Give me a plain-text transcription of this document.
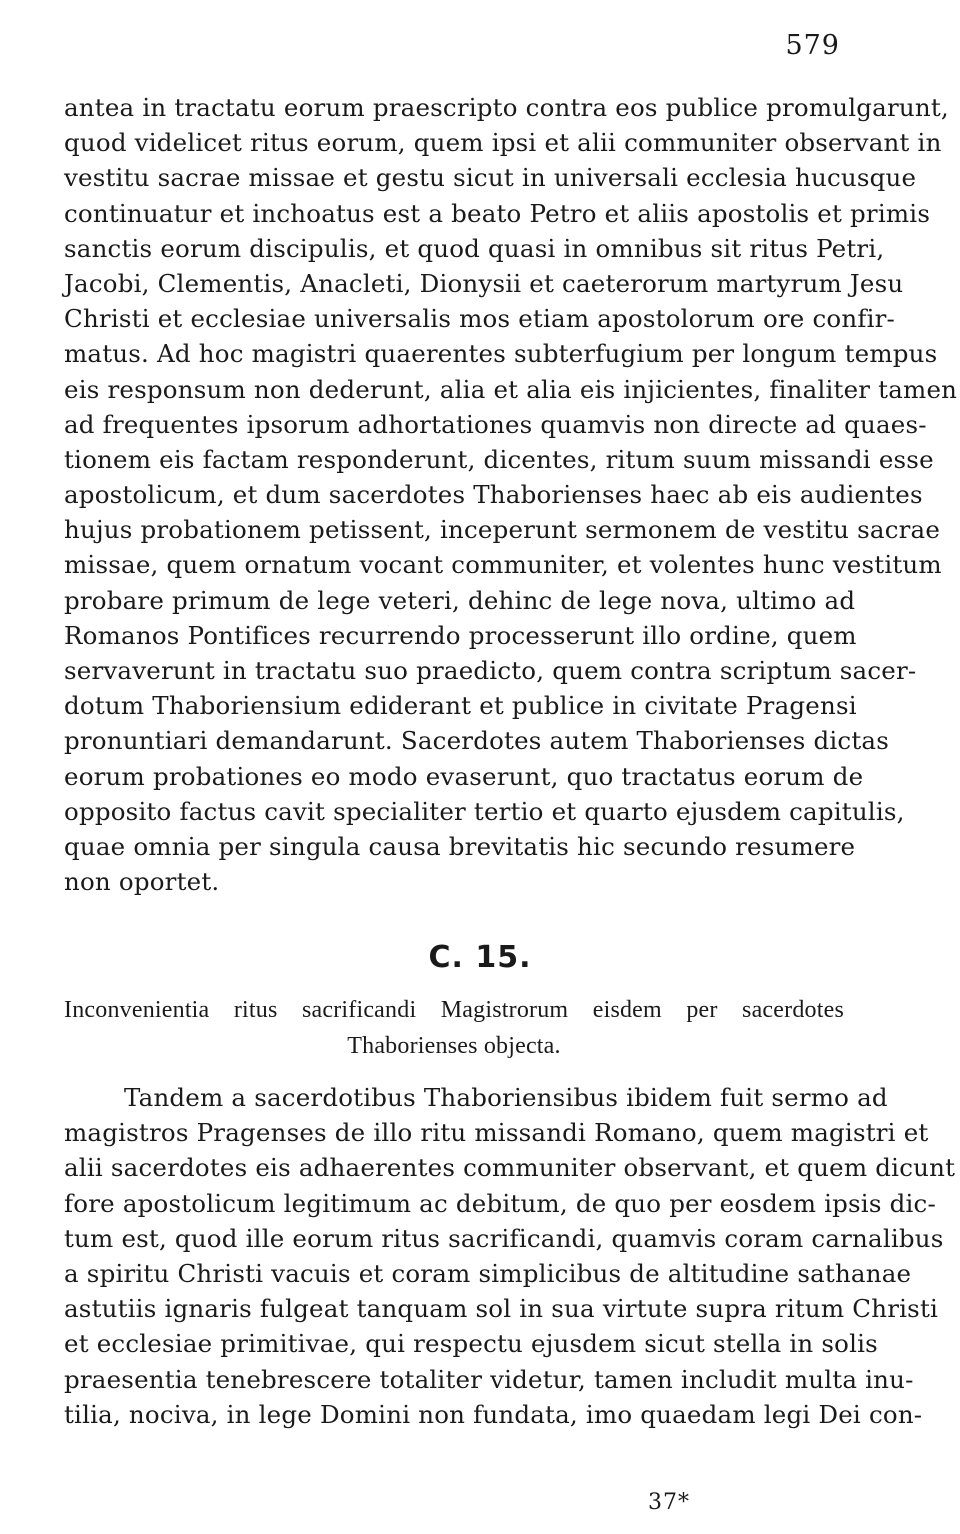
579
antea in tractatu eorum praescripto contra eos publice promulgarunt,
quod videlicet ritus eorum, quem ipsi et alii communiter observant in
vestitu sacrae missae et gestu sicut in universali ecclesia hucusque
continuatur et inchoatus est a beato Petro et aliis apostolis et primis
sanctis eorum discipulis, et quod quasi in omnibus sit ritus Petri,
Jacobi, Clementis, Anacleti, Dionysii et caeterorum martyrum Jesu
Christi et ecclesiae universalis mos etiam apostolorum ore confir-
matus. Ad hoc magistri quaerentes subterfugium per longum tempus
eis responsum non dederunt, alia et alia eis injicientes, finaliter tamen
ad frequentes ipsorum adhortationes quamvis non directe ad quaes-
tionem eis factam responderunt, dicentes, ritum suum missandi esse
apostolicum, et dum sacerdotes Thaborienses haec ab eis audientes
hujus probationem petissent, inceperunt sermonem de vestitu sacrae
missae, quem ornatum vocant communiter, et volentes hunc vestitum
probare primum de lege veteri, dehinc de lege nova, ultimo ad
Romanos Pontifices recurrendo processerunt illo ordine, quem
servaverunt in tractatu suo praedicto, quem contra scriptum sacer-
dotum Thaboriensium ediderant et publice in civitate Pragensi
pronuntiari demandarunt. Sacerdotes autem Thaborienses dictas
eorum probationes eo modo evaserunt, quo tractatus eorum de
opposito factus cavit specialiter tertio et quarto ejusdem capitulis,
quae omnia per singula causa brevitatis hic secundo resumere
non oportet.
C. 15.
Inconvenientia ritus sacrificandi Magistrorum eisdem per sacerdotes
Thaborienses objecta.
Tandem a sacerdotibus Thaboriensibus ibidem fuit sermo ad
magistros Pragenses de illo ritu missandi Romano, quem magistri et
alii sacerdotes eis adhaerentes communiter observant, et quem dicunt
fore apostolicum legitimum ac debitum, de quo per eosdem ipsis dic-
tum est, quod ille eorum ritus sacrificandi, quamvis coram carnalibus
a spiritu Christi vacuis et coram simplicibus de altitudine sathanae
astutiis ignaris fulgeat tanquam sol in sua virtute supra ritum Christi
et ecclesiae primitivae, qui respectu ejusdem sicut stella in solis
praesentia tenebrescere totaliter videtur, tamen includit multa inu-
tilia, nociva, in lege Domini non fundata, imo quaedam legi Dei con-
37*
